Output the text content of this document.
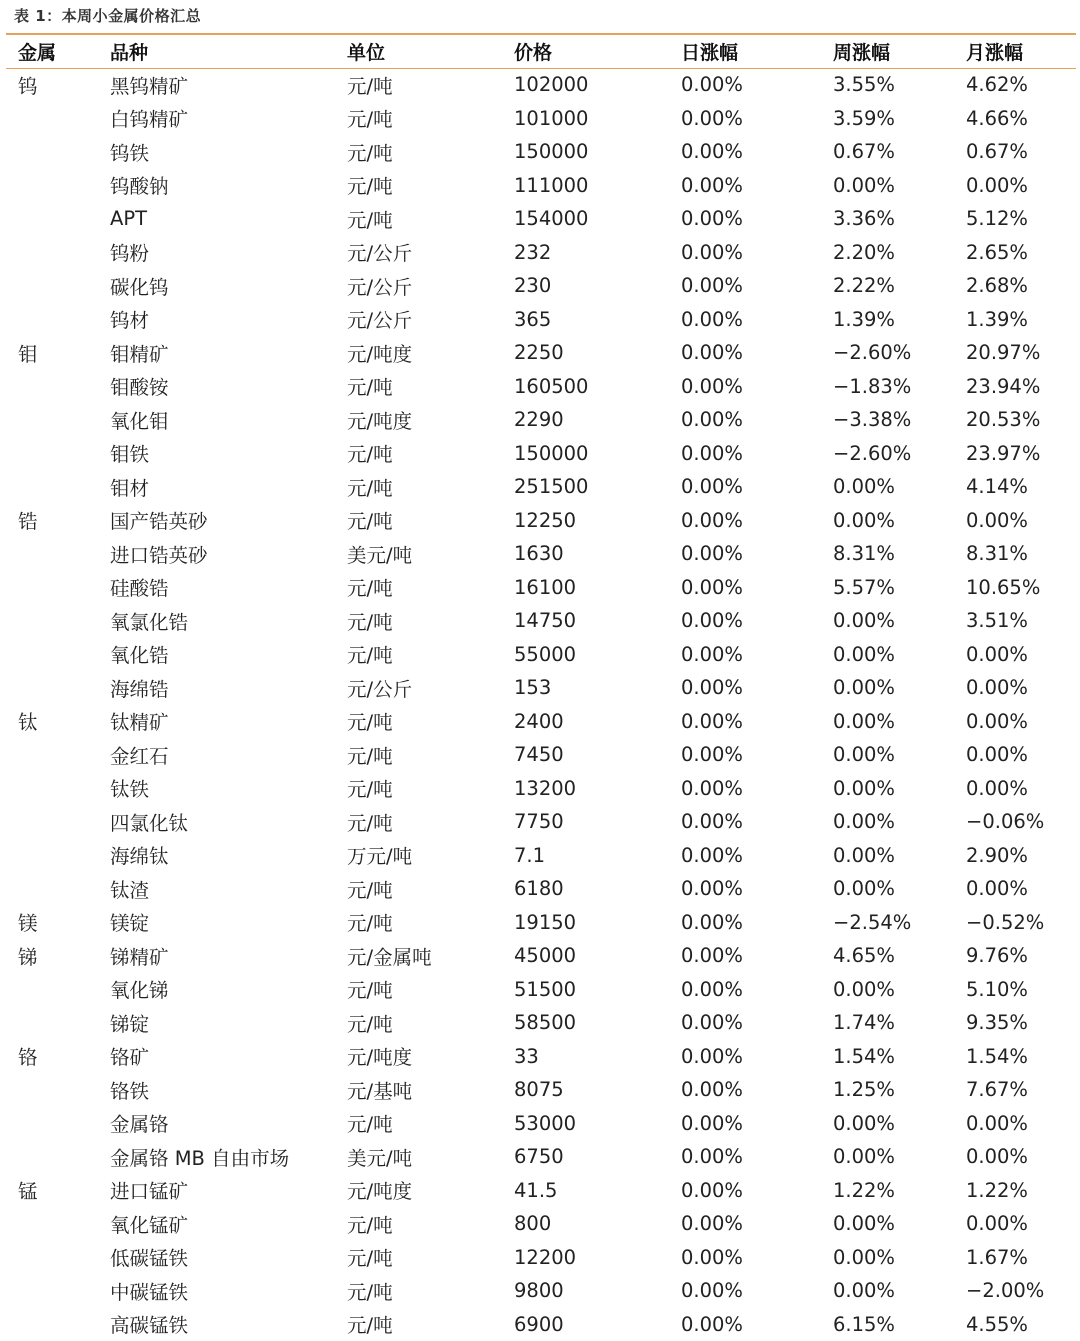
表 1：本周小金属价格汇总
金属	品种	单位	价格	日涨幅	周涨幅	月涨幅	
钨	黑钨精矿	元/吨	102000	0.00%	3.55%	4.62%	
	白钨精矿	元/吨	101000	0.00%	3.59%	4.66%	
	钨铁	元/吨	150000	0.00%	0.67%	0.67%	
	钨酸钠	元/吨	111000	0.00%	0.00%	0.00%	
	APT	元/吨	154000	0.00%	3.36%	5.12%	
	钨粉	元/公斤	232	0.00%	2.20%	2.65%	
	碳化钨	元/公斤	230	0.00%	2.22%	2.68%	
	钨材	元/公斤	365	0.00%	1.39%	1.39%	
钼	钼精矿	元/吨度	2250	0.00%	−2.60%	20.97%	
	钼酸铵	元/吨	160500	0.00%	−1.83%	23.94%	
	氧化钼	元/吨度	2290	0.00%	−3.38%	20.53%	
	钼铁	元/吨	150000	0.00%	−2.60%	23.97%	
	钼材	元/吨	251500	0.00%	0.00%	4.14%	
锆	国产锆英砂	元/吨	12250	0.00%	0.00%	0.00%	
	进口锆英砂	美元/吨	1630	0.00%	8.31%	8.31%	
	硅酸锆	元/吨	16100	0.00%	5.57%	10.65%	
	氧氯化锆	元/吨	14750	0.00%	0.00%	3.51%	
	氧化锆	元/吨	55000	0.00%	0.00%	0.00%	
	海绵锆	元/公斤	153	0.00%	0.00%	0.00%	
钛	钛精矿	元/吨	2400	0.00%	0.00%	0.00%	
	金红石	元/吨	7450	0.00%	0.00%	0.00%	
	钛铁	元/吨	13200	0.00%	0.00%	0.00%	
	四氯化钛	元/吨	7750	0.00%	0.00%	−0.06%	
	海绵钛	万元/吨	7.1	0.00%	0.00%	2.90%	
	钛渣	元/吨	6180	0.00%	0.00%	0.00%	
镁	镁锭	元/吨	19150	0.00%	−2.54%	−0.52%	
锑	锑精矿	元/金属吨	45000	0.00%	4.65%	9.76%	
	氧化锑	元/吨	51500	0.00%	0.00%	5.10%	
	锑锭	元/吨	58500	0.00%	1.74%	9.35%	
铬	铬矿	元/吨度	33	0.00%	1.54%	1.54%	
	铬铁	元/基吨	8075	0.00%	1.25%	7.67%	
	金属铬	元/吨	53000	0.00%	0.00%	0.00%	
	金属铬 MB 自由市场	美元/吨	6750	0.00%	0.00%	0.00%	
锰	进口锰矿	元/吨度	41.5	0.00%	1.22%	1.22%	
	氧化锰矿	元/吨	800	0.00%	0.00%	0.00%	
	低碳锰铁	元/吨	12200	0.00%	0.00%	1.67%	
	中碳锰铁	元/吨	9800	0.00%	0.00%	−2.00%	
	高碳锰铁	元/吨	6900	0.00%	6.15%	4.55%	
